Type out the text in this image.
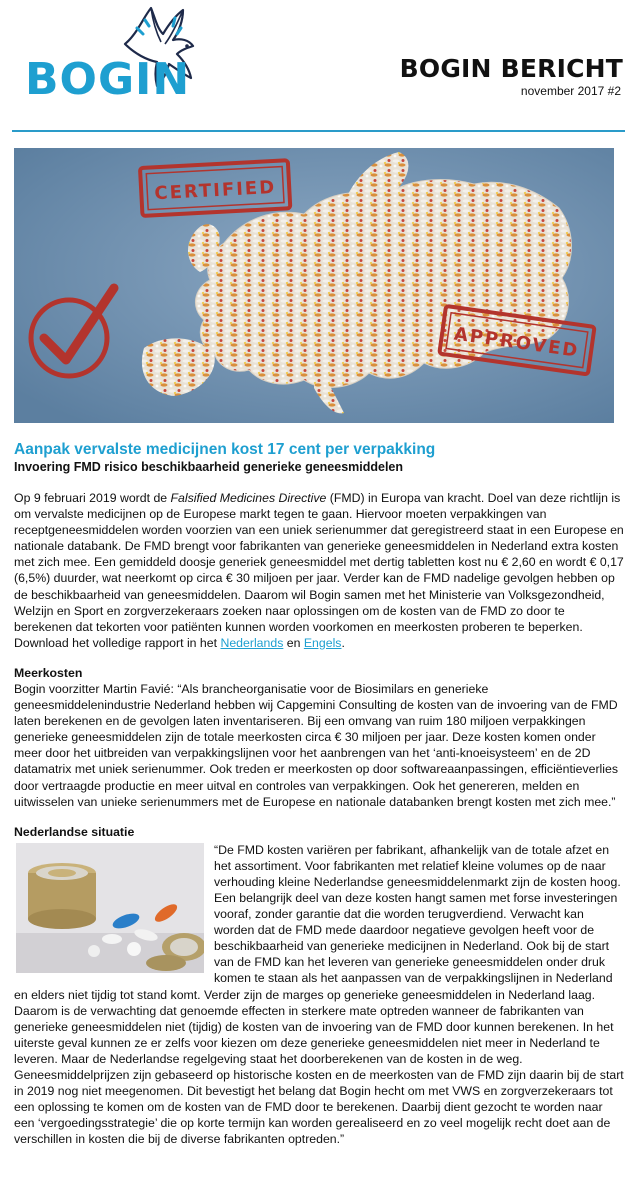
BOGIN	BOGIN BERICHT
november 2017 #2
CERTIFIED
APPROVED
Aanpak vervalste medicijnen kost 17 cent per verpakking
Invoering FMD risico beschikbaarheid generieke geneesmiddelen

Op 9 februari 2019 wordt de Falsified Medicines Directive (FMD) in Europa van kracht. Doel van deze richtlijn is om vervalste medicijnen op de Europese markt tegen te gaan. Hiervoor moeten verpakkingen van receptgeneesmiddelen worden voorzien van een uniek serienummer dat geregistreerd staat in een Europese en nationale databank. De FMD brengt voor fabrikanten van generieke geneesmiddelen in Nederland extra kosten met zich mee. Een gemiddeld doosje generiek geneesmiddel met dertig tabletten kost nu € 2,60 en wordt € 0,17 (6,5%) duurder, wat neerkomt op circa € 30 miljoen per jaar. Verder kan de FMD nadelige gevolgen hebben op de beschikbaarheid van geneesmiddelen. Daarom wil Bogin samen met het Ministerie van Volksgezondheid, Welzijn en Sport en zorgverzekeraars zoeken naar oplossingen om de kosten van de FMD zo door te berekenen dat tekorten voor patiënten kunnen worden voorkomen en meerkosten proberen te beperken. Download het volledige rapport in het Nederlands en Engels.

Meerkosten

Bogin voorzitter Martin Favié: “Als brancheorganisatie voor de Biosimilars en generieke geneesmiddelenindustrie Nederland hebben wij Capgemini Consulting de kosten van de invoering van de FMD laten berekenen en de gevolgen laten inventariseren. Bij een omvang van ruim 180 miljoen verpakkingen generieke geneesmiddelen zijn de totale meerkosten circa € 30 miljoen per jaar. Deze kosten komen onder meer door het uitbreiden van verpakkingslijnen voor het aanbrengen van het ‘anti-knoeisysteem’ en de 2D datamatrix met uniek serienummer. Ook treden er meerkosten op door softwareaanpassingen, efficiëntieverlies door vertraagde productie en meer uitval en controles van verpakkingen. Ook het genereren, melden en uitwisselen van unieke serienummers met de Europese en nationale databanken brengt kosten met zich mee.”

Nederlandse situatie

“De FMD kosten variëren per fabrikant, afhankelijk van de totale afzet en het assortiment. Voor fabrikanten met relatief kleine volumes op de naar verhouding kleine Nederlandse geneesmiddelenmarkt zijn de kosten hoog. Een belangrijk deel van deze kosten hangt samen met forse investeringen vooraf, zonder garantie dat die worden terugverdiend. Verwacht kan worden dat de FMD mede daardoor negatieve gevolgen heeft voor de beschikbaarheid van generieke medicijnen in Nederland. Ook bij de start van de FMD kan het leveren van generieke geneesmiddelen onder druk komen te staan als het aanpassen van de verpakkingslijnen in Nederland en elders niet tijdig tot stand komt. Verder zijn de marges op generieke geneesmiddelen in Nederland laag. Daarom is de verwachting dat genoemde effecten in sterkere mate optreden wanneer de fabrikanten van generieke geneesmiddelen niet (tijdig) de kosten van de invoering van de FMD door kunnen berekenen. In het uiterste geval kunnen ze er zelfs voor kiezen om deze generieke geneesmiddelen niet meer in Nederland te leveren. Maar de Nederlandse regelgeving staat het doorberekenen van de kosten in de weg. Geneesmiddelprijzen zijn gebaseerd op historische kosten en de meerkosten van de FMD zijn daarin bij de start in 2019 nog niet meegenomen. Dit bevestigt het belang dat Bogin hecht om met VWS en zorgverzekeraars tot een oplossing te komen om de kosten van de FMD door te berekenen. Daarbij dient gezocht te worden naar een ‘vergoedingsstrategie’ die op korte termijn kan worden gerealiseerd en zo veel mogelijk recht doet aan de verschillen in kosten die bij de diverse fabrikanten optreden.”
